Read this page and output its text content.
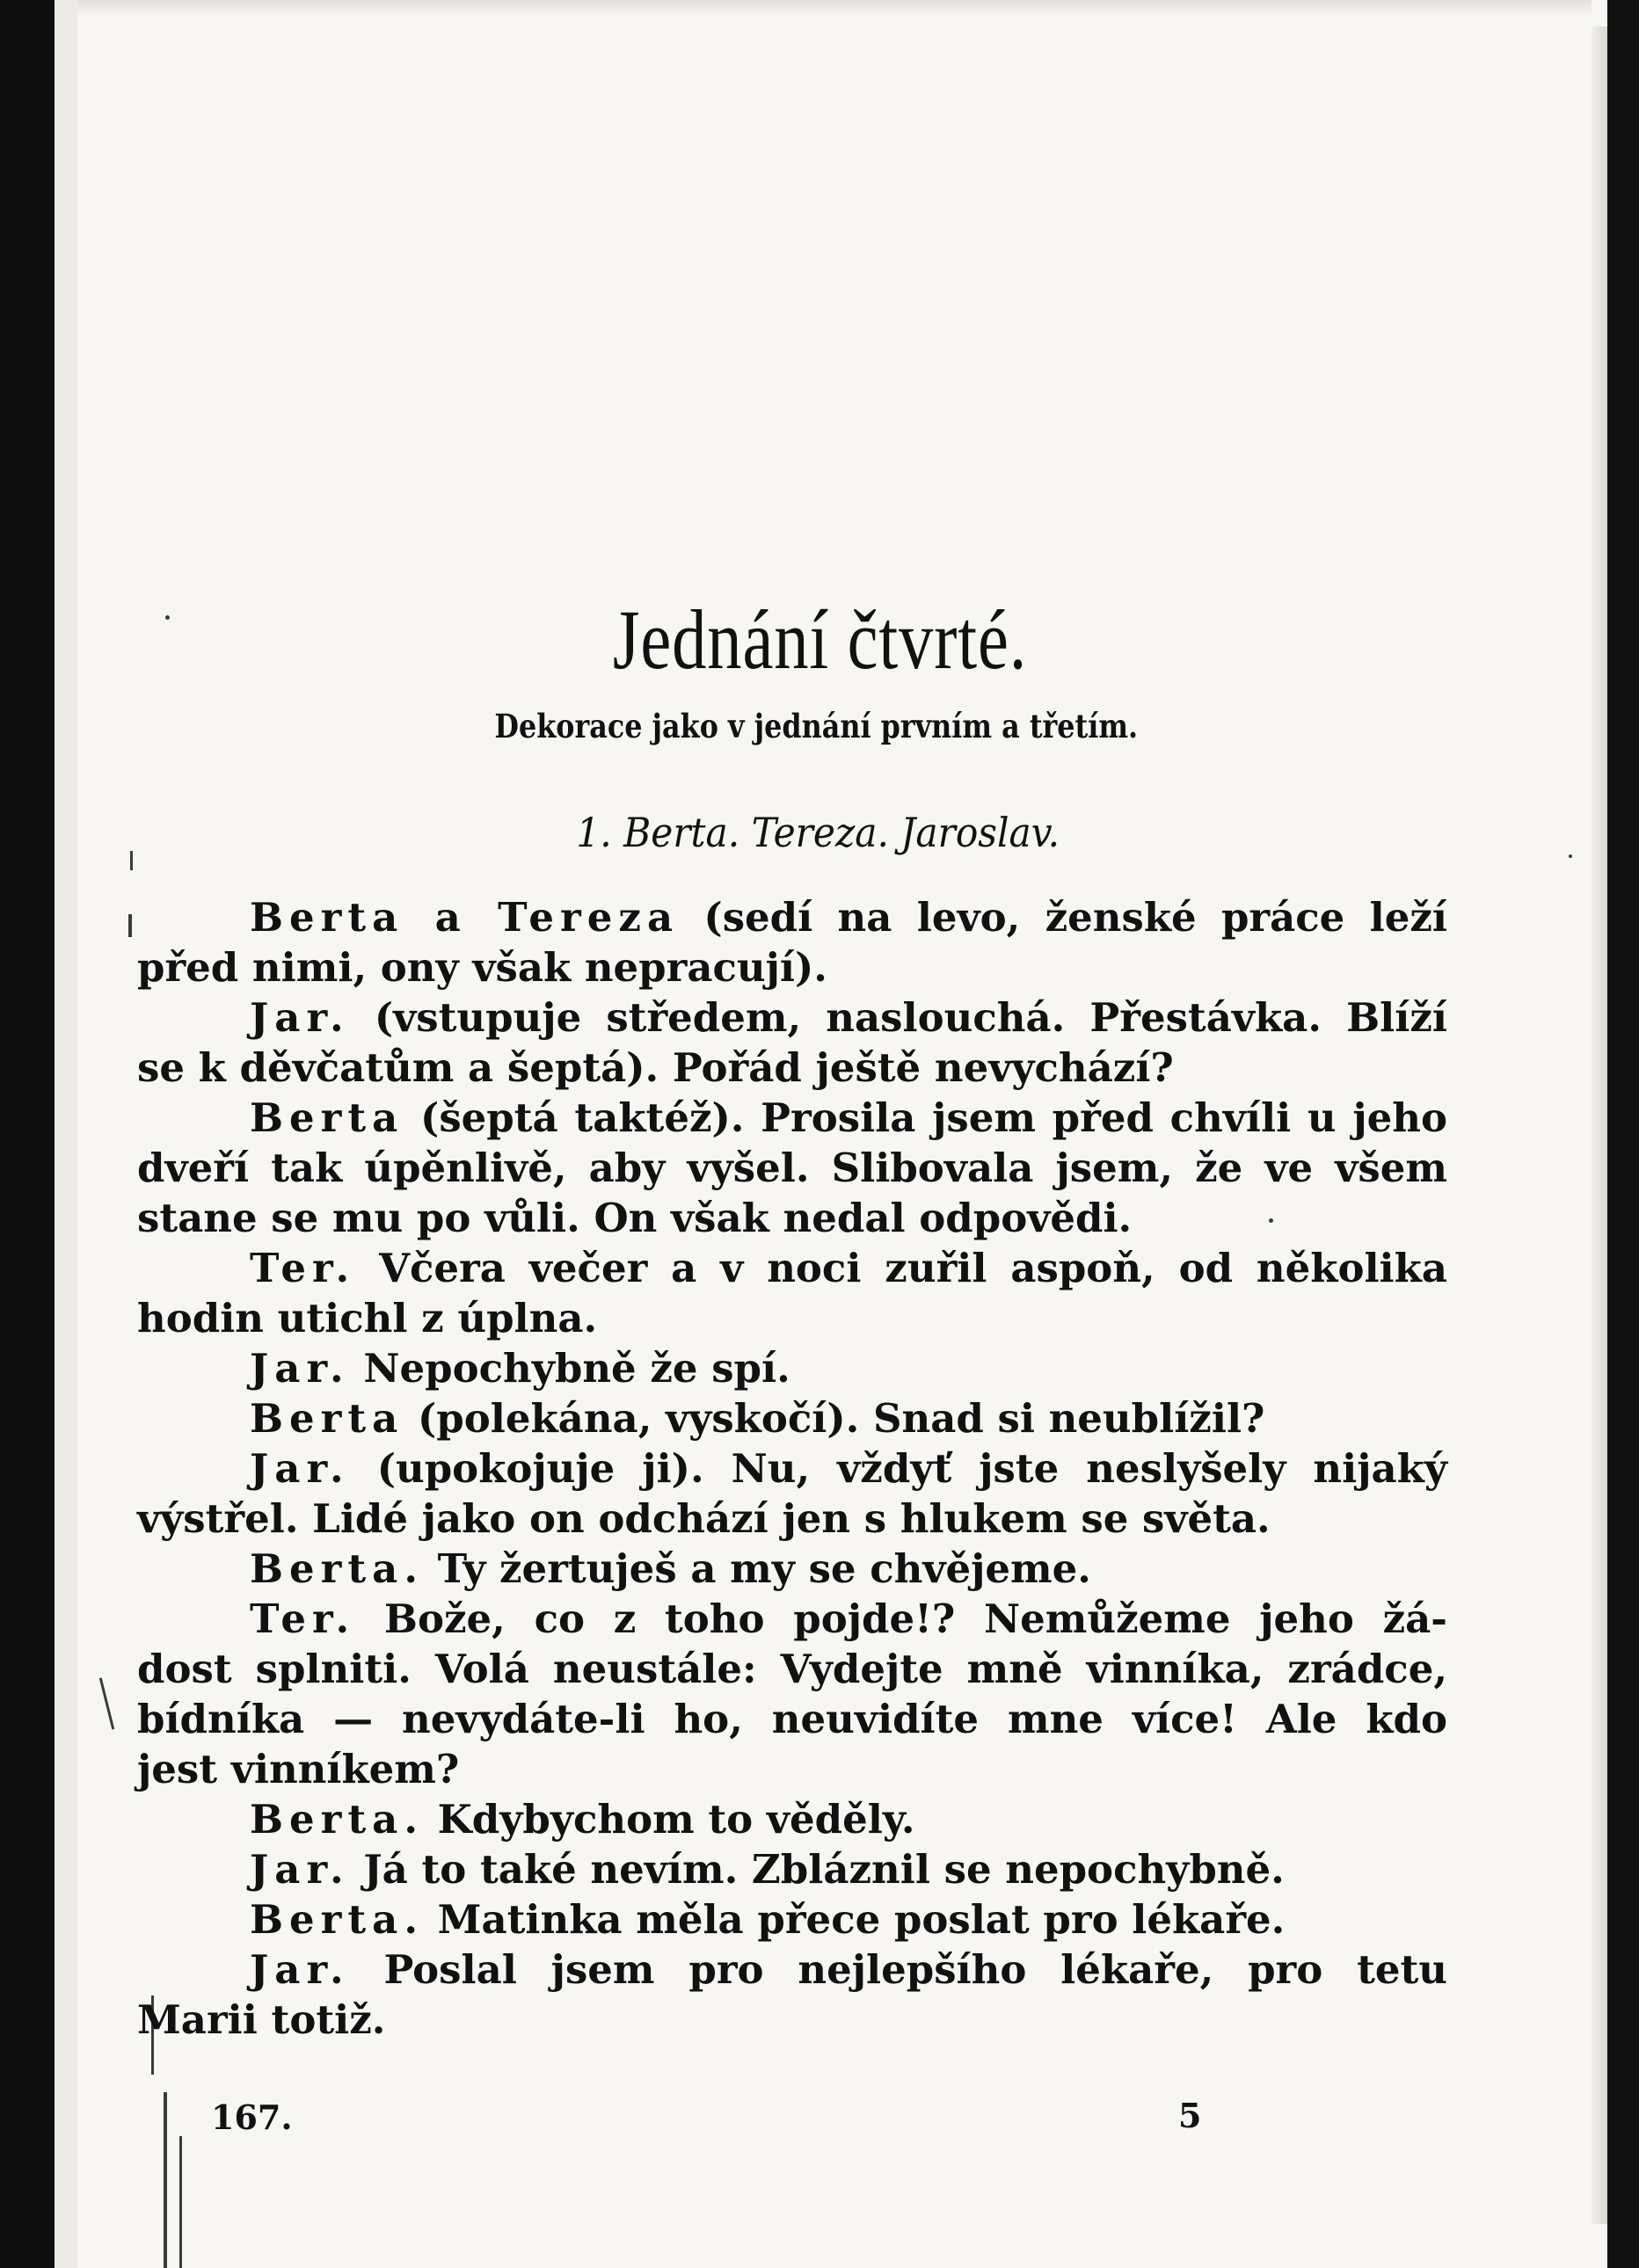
Jednání čtvrté.
Dekorace jako v jednání prvním a třetím.
1. Berta. Tereza. Jaroslav.
Berta a Tereza (sedí na levo, ženské práce leží
před nimi, ony však nepracují).
Jar. (vstupuje středem, naslouchá. Přestávka. Blíží
se k děvčatům a šeptá). Pořád ještě nevychází?
Berta (šeptá taktéž). Prosila jsem před chvíli u jeho
dveří tak úpěnlivě, aby vyšel. Slibovala jsem, že ve všem
stane se mu po vůli. On však nedal odpovědi.
Ter. Včera večer a v noci zuřil aspoň, od několika
hodin utichl z úplna.
Jar. Nepochybně že spí.
Berta (polekána, vyskočí). Snad si neublížil?
Jar. (upokojuje ji). Nu, vždyť jste neslyšely nijaký
výstřel. Lidé jako on odchází jen s hlukem se světa.
Berta. Ty žertuješ a my se chvějeme.
Ter. Bože, co z toho pojde!? Nemůžeme jeho žá-
dost splniti. Volá neustále: Vydejte mně vinníka, zrádce,
bídníka — nevydáte-li ho, neuvidíte mne více! Ale kdo
jest vinníkem?
Berta. Kdybychom to věděly.
Jar. Já to také nevím. Zbláznil se nepochybně.
Berta. Matinka měla přece poslat pro lékaře.
Jar. Poslal jsem pro nejlepšího lékaře, pro tetu
Marii totiž.
167.	5
